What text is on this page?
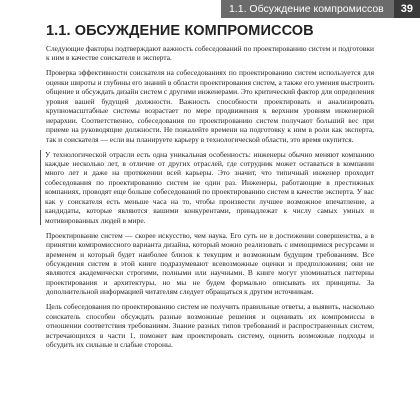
1.1. Обсуждение компромиссов	39
1.1. ОБСУЖДЕНИЕ КОМПРОМИССОВ

Следующие факторы подтверждают важность собеседований по проектированию систем и подготовки к ним в качестве соискателя и эксперта.

Проверка эффективности соискателя на собеседованиях по проектированию систем используется для оценки широты и глубины его знаний в области проектирования систем, а также его умения выстроить общение и обсуждать дизайн систем с другими инженерами. Это критический фактор для определения уровня вашей будущей должности. Важность способности проектировать и анализировать крупномасштабные системы возрастает по мере продвижения к верхним уровням инженерной иерархии. Соответственно, собеседования по проектированию систем получают больший вес при приеме на руководящие должности. Не пожалейте времени на подготовку к ним в роли как эксперта, так и соискателя — если вы планируете карьеру в технологической области, это время окупится.

У технологической отрасли есть одна уникальная особенность: инженеры обычно меняют компанию каждые несколько лет, в отличие от других отраслей, где сотрудник может оставаться в компании много лет и даже на протяжении всей карьеры. Это значит, что типичный инженер проходит собеседования по проектированию систем не один раз. Инженеры, работающие в престижных компаниях, проводят еще больше собеседований по проектированию систем в качестве эксперта. У вас как у соискателя есть меньше часа на то, чтобы произвести лучшее возможное впечатление, а кандидаты, которые являются вашими конкурентами, принадлежат к числу самых умных и мотивированных людей в мире.

Проектирование систем — скорее искусство, чем наука. Его суть не в достижении совершенства, а в принятии компромиссного варианта дизайна, который можно реализовать с имеющимися ресурсами и временем и который будет наиболее близок к текущим и возможным будущим требованиям. Все обсуждения систем в этой книге подразумевают всевозможные оценки и предположения; они не являются академически строгими, полными или научными. В книге могут упоминаться паттерны проектирования и архитектуры, но мы не будем формально описывать их принципы. За дополнительной информацией читателям следует обращаться к другим источникам.

Цель собеседования по проектированию систем не получить правильные ответы, а выявить, насколько соискатель способен обсуждать разные возможные решения и оценивать их компромиссы в отношении соответствия требованиям. Знание разных типов требований и распространенных систем, встречающихся в части 1, поможет вам проектировать систему, оценить возможные подходы и обсудить их сильные и слабые стороны.
